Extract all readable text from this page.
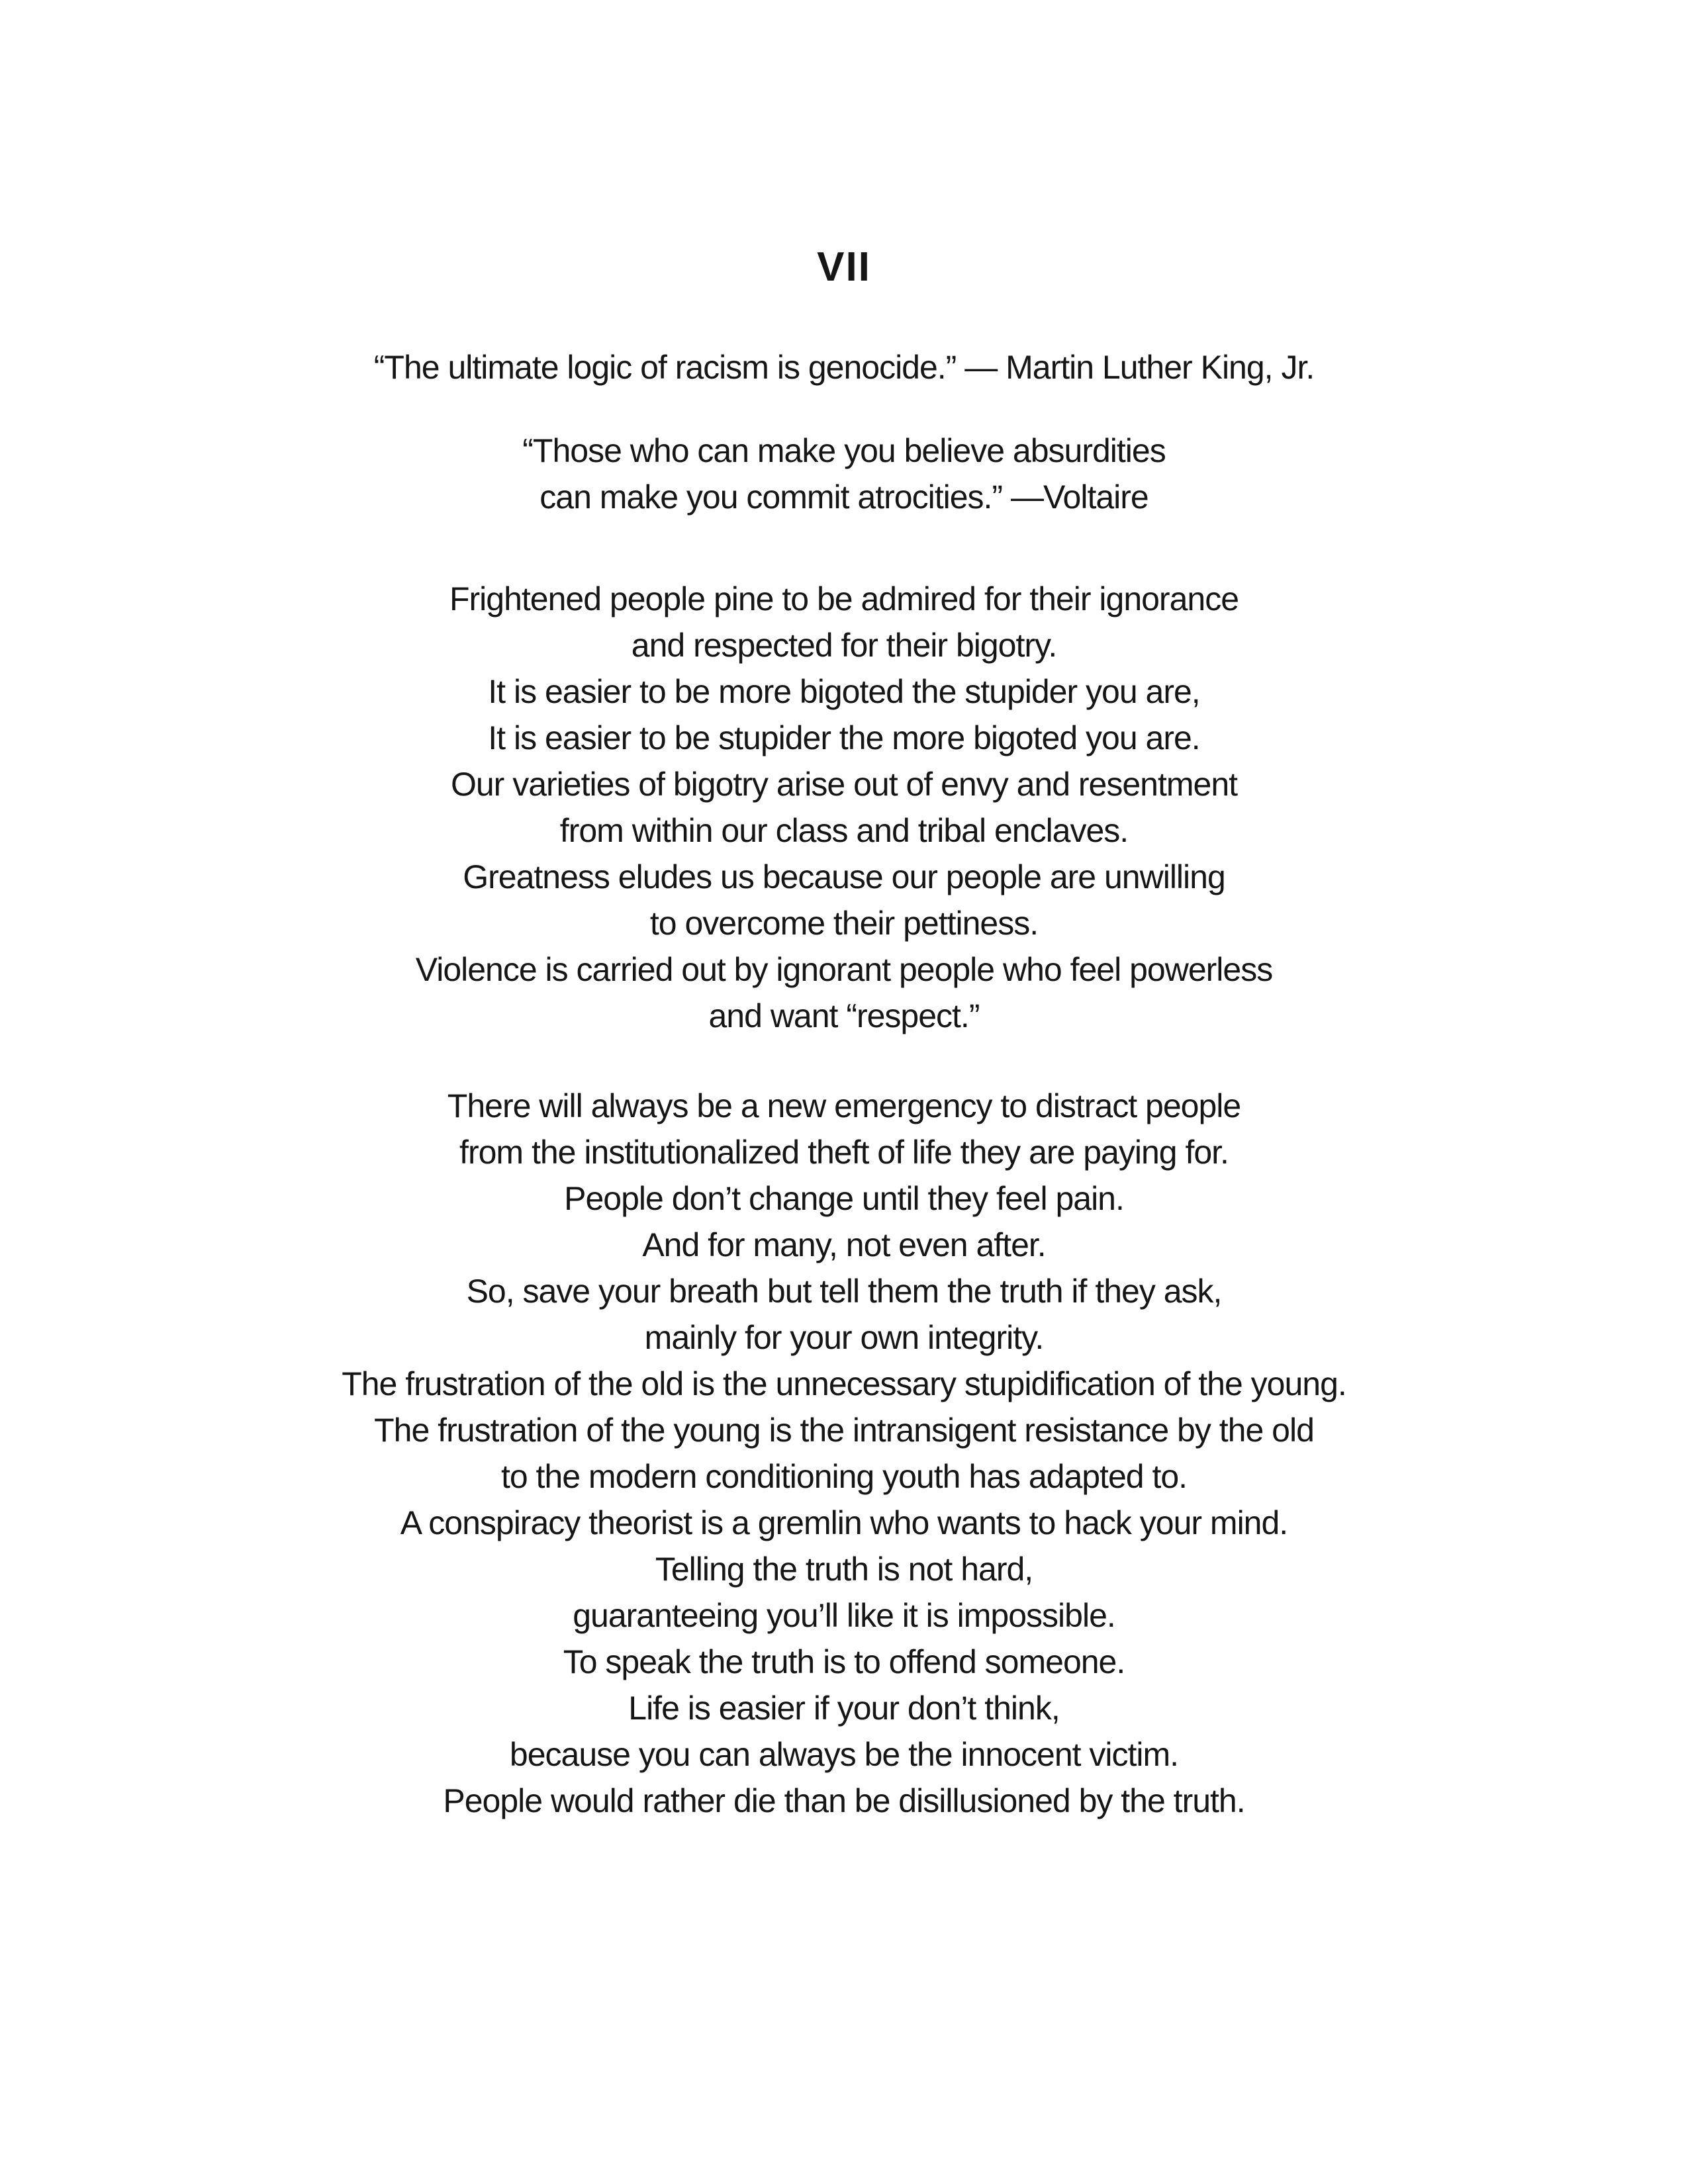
VII
“The ultimate logic of racism is genocide.” — Martin Luther King, Jr.
“Those who can make you believe absurdities
can make you commit atrocities.” —Voltaire
Frightened people pine to be admired for their ignorance
and respected for their bigotry.
It is easier to be more bigoted the stupider you are,
It is easier to be stupider the more bigoted you are.
Our varieties of bigotry arise out of envy and resentment
from within our class and tribal enclaves.
Greatness eludes us because our people are unwilling
to overcome their pettiness.
Violence is carried out by ignorant people who feel powerless
and want “respect.”
There will always be a new emergency to distract people
from the institutionalized theft of life they are paying for.
People don’t change until they feel pain.
And for many, not even after.
So, save your breath but tell them the truth if they ask,
mainly for your own integrity.
The frustration of the old is the unnecessary stupidification of the young.
The frustration of the young is the intransigent resistance by the old
to the modern conditioning youth has adapted to.
A conspiracy theorist is a gremlin who wants to hack your mind.
Telling the truth is not hard,
guaranteeing you’ll like it is impossible.
To speak the truth is to offend someone.
Life is easier if your don’t think,
because you can always be the innocent victim.
People would rather die than be disillusioned by the truth.
